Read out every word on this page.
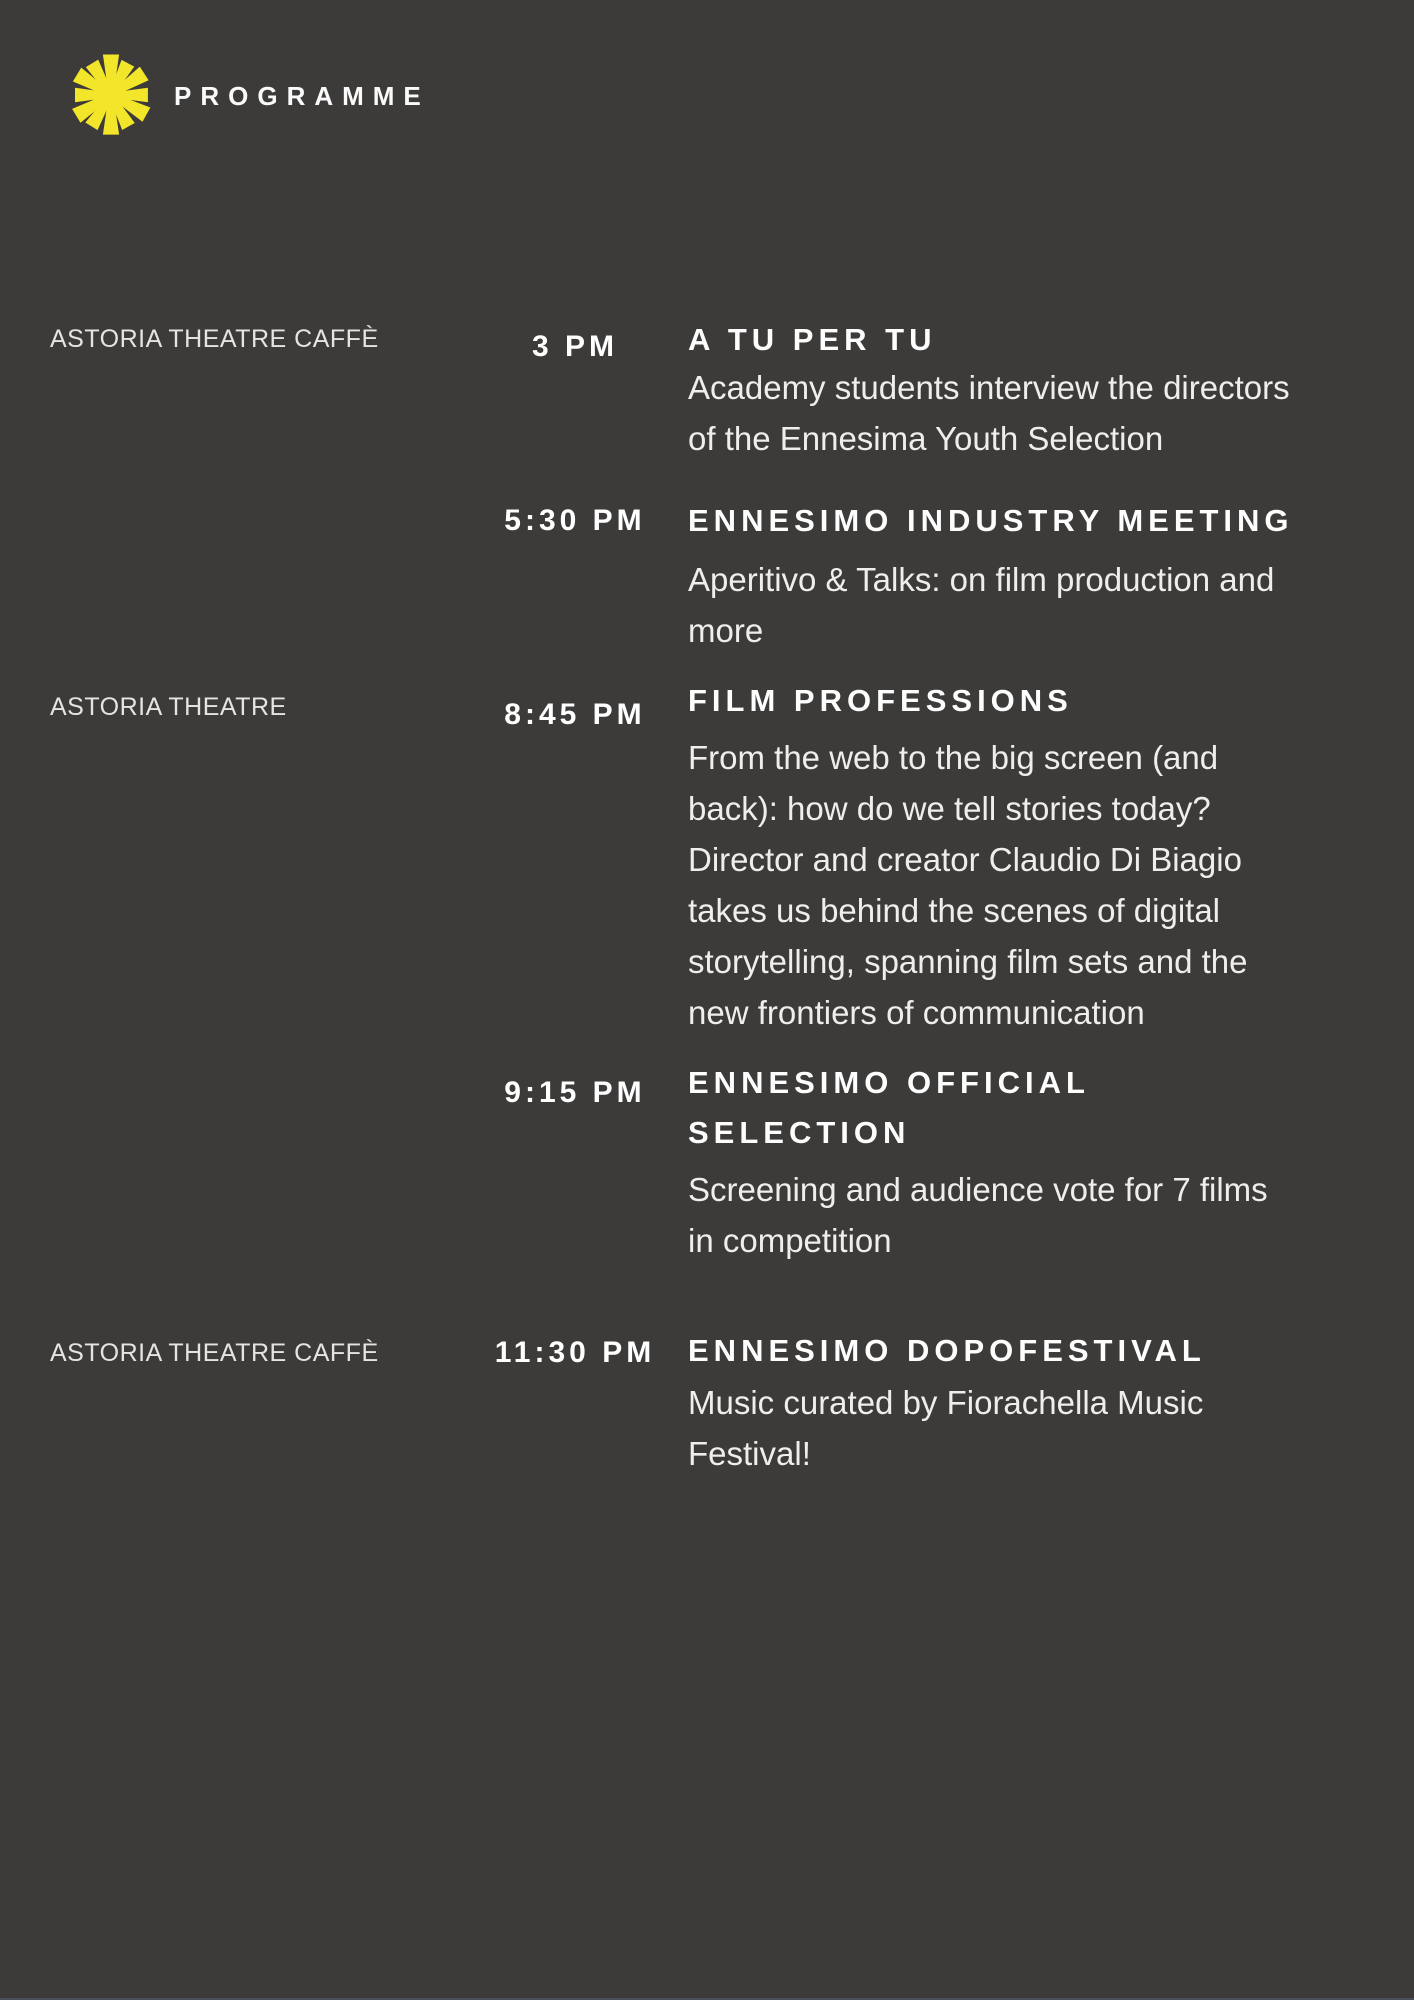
PROGRAMME
ASTORIA THEATRE CAFFÈ	3 PM	A TU PER TU
Academy students interview the directors
of the Ennesima Youth Selection
5:30 PM	ENNESIMO INDUSTRY MEETING
Aperitivo & Talks: on film production and
more
ASTORIA THEATRE	8:45 PM	FILM PROFESSIONS
From the web to the big screen (and
back): how do we tell stories today?
Director and creator Claudio Di Biagio
takes us behind the scenes of digital
storytelling, spanning film sets and the
new frontiers of communication
9:15 PM	ENNESIMO OFFICIAL
SELECTION
Screening and audience vote for 7 films
in competition
ASTORIA THEATRE CAFFÈ	11:30 PM	ENNESIMO DOPOFESTIVAL
Music curated by Fiorachella Music
Festival!
